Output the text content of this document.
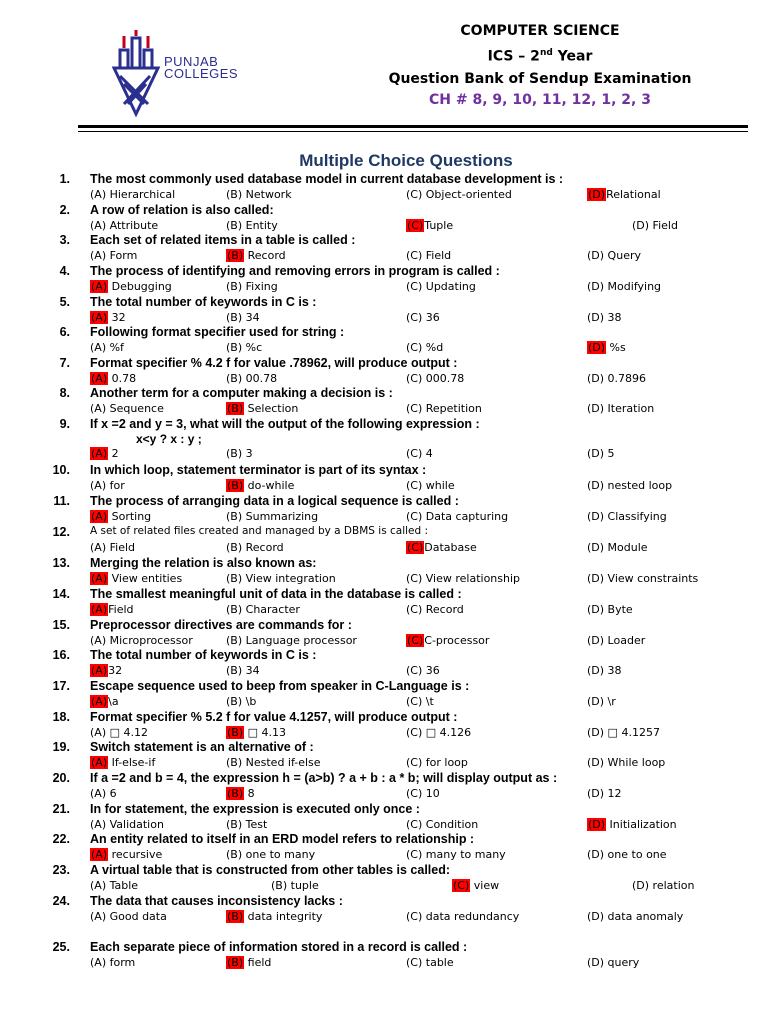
PUNJAB COLLEGES
COMPUTER SCIENCE
ICS – 2nd Year
Question Bank of Sendup Examination
CH # 8, 9, 10, 11, 12, 1, 2, 3
Multiple Choice Questions
1. The most commonly used database model in current database development is :
(A) Hierarchical	(B) Network	(C) Object-oriented	(D)Relational
2. A row of relation is also called:
(A) Attribute	(B) Entity	(C)Tuple	(D) Field
3. Each set of related items in a table is called :
(A) Form	(B) Record	(C) Field	(D) Query
4. The process of identifying and removing errors in program is called :
(A) Debugging	(B) Fixing	(C) Updating	(D) Modifying
5. The total number of keywords in C is :
(A) 32	(B) 34	(C) 36	(D) 38
6. Following format specifier used for string :
(A) %f	(B) %c	(C) %d	(D) %s
7. Format specifier % 4.2 f for value .78962, will produce output :
(A) 0.78	(B) 00.78	(C) 000.78	(D) 0.7896
8. Another term for a computer making a decision is :
(A) Sequence	(B) Selection	(C) Repetition	(D) Iteration
9. If x =2 and y = 3, what will the output of the following expression :
x<y ? x : y ;
(A) 2	(B) 3	(C) 4	(D) 5
10. In which loop, statement terminator is part of its syntax :
(A) for	(B) do-while	(C) while	(D) nested loop
11. The process of arranging data in a logical sequence is called :
(A) Sorting	(B) Summarizing	(C) Data capturing	(D) Classifying
12. A set of related files created and managed by a DBMS is called :
(A) Field	(B) Record	(C)Database	(D) Module
13. Merging the relation is also known as:
(A) View entities	(B) View integration	(C) View relationship	(D) View constraints
14. The smallest meaningful unit of data in the database is called :
(A)Field	(B) Character	(C) Record	(D) Byte
15. Preprocessor directives are commands for :
(A) Microprocessor	(B) Language processor	(C)C-processor	(D) Loader
16. The total number of keywords in C is :
(A)32	(B) 34	(C) 36	(D) 38
17. Escape sequence used to beep from speaker in C-Language is :
(A)\a	(B) \b	(C) \t	(D) \r
18. Format specifier % 5.2 f for value 4.1257, will produce output :
(A) □ 4.12	(B) □ 4.13	(C) □ 4.126	(D) □ 4.1257
19. Switch statement is an alternative of :
(A) If-else-if	(B) Nested if-else	(C) for loop	(D) While loop
20. If a =2 and b = 4, the expression h = (a>b) ? a + b : a * b; will display output as :
(A) 6	(B) 8	(C) 10	(D) 12
21. In for statement, the expression is executed only once :
(A) Validation	(B) Test	(C) Condition	(D) Initialization
22. An entity related to itself in an ERD model refers to relationship :
(A) recursive	(B) one to many	(C) many to many	(D) one to one
23. A virtual table that is constructed from other tables is called:
(A) Table	(B) tuple	(C) view	(D) relation
24. The data that causes inconsistency lacks :
(A) Good data	(B) data integrity	(C) data redundancy	(D) data anomaly
25. Each separate piece of information stored in a record is called :
(A) form	(B) field	(C) table	(D) query
